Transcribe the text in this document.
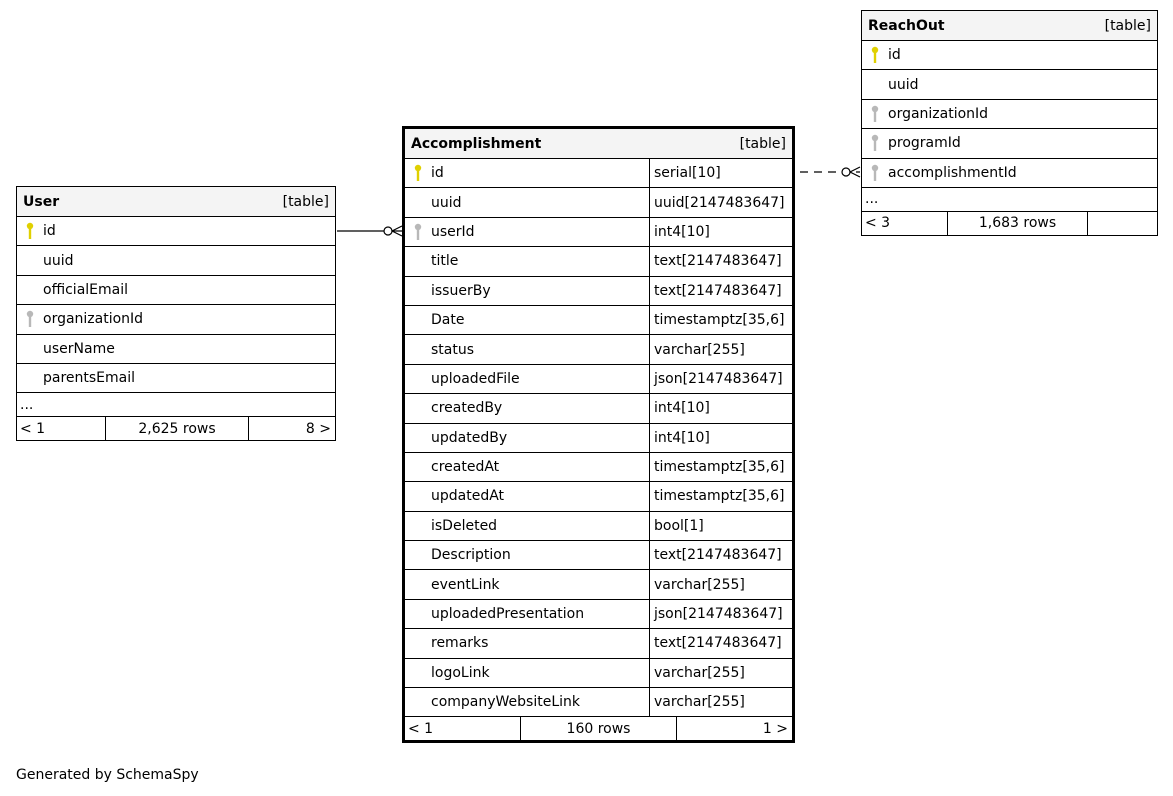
User	[table]
id
uuid
officialEmail
organizationId
userName
parentsEmail
...
< 1	2,625 rows	8 >
Accomplishment	[table]
id	serial[10]
uuid	uuid[2147483647]
userId	int4[10]
title	text[2147483647]
issuerBy	text[2147483647]
Date	timestamptz[35,6]
status	varchar[255]
uploadedFile	json[2147483647]
createdBy	int4[10]
updatedBy	int4[10]
createdAt	timestamptz[35,6]
updatedAt	timestamptz[35,6]
isDeleted	bool[1]
Description	text[2147483647]
eventLink	varchar[255]
uploadedPresentation	json[2147483647]
remarks	text[2147483647]
logoLink	varchar[255]
companyWebsiteLink	varchar[255]
< 1	160 rows	1 >
ReachOut	[table]
id
uuid
organizationId
programId
accomplishmentId
...
< 3	1,683 rows
Generated by SchemaSpy
